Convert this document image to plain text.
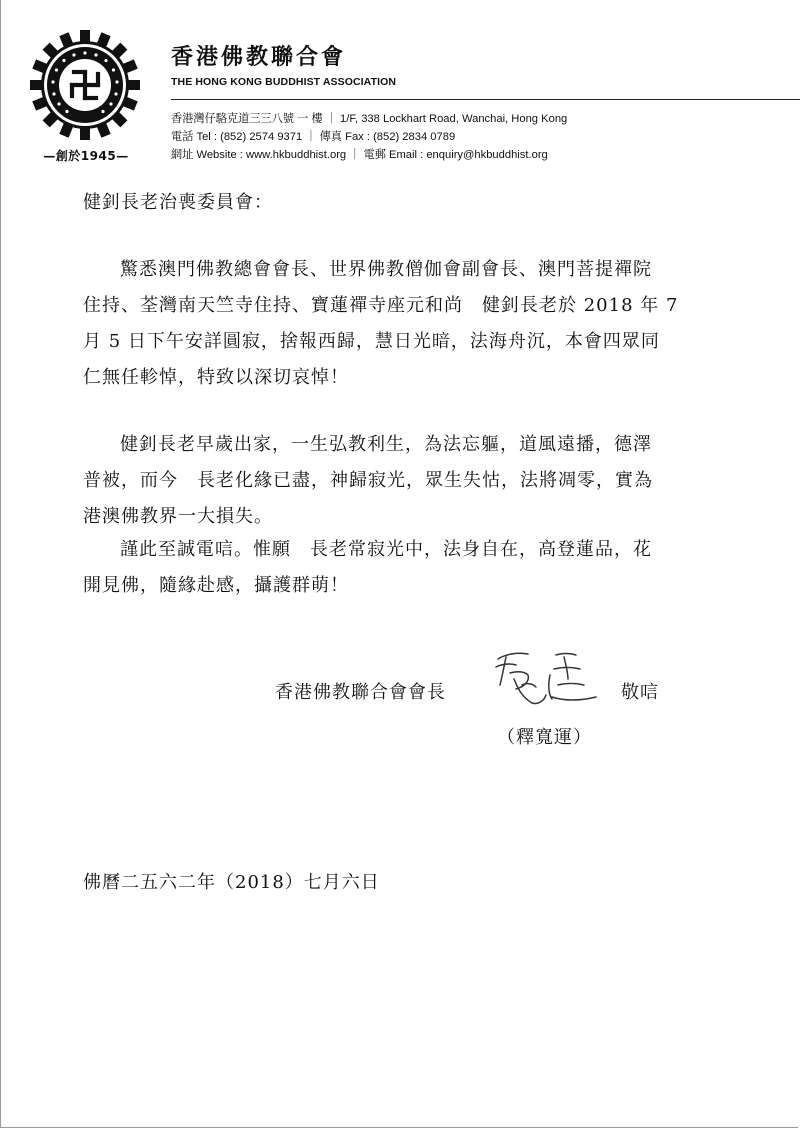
—創於1945—
香港佛教聯合會
THE HONG KONG BUDDHIST ASSOCIATION
香港灣仔駱克道三三八號 一 樓 ｜ 1/F, 338 Lockhart Road, Wanchai, Hong Kong
電話 Tel : (852) 2574 9371 ｜ 傳真 Fax : (852) 2834 0789
網址 Website : www.hkbuddhist.org ｜ 電郵 Email : enquiry@hkbuddhist.org
健釗長老治喪委員會：
驚悉澳門佛教總會會長、世界佛教僧伽會副會長、澳門菩提禪院
住持、荃灣南天竺寺住持、寶蓮禪寺座元和尚　健釗長老於 2018 年 7
月 5 日下午安詳圓寂，捨報西歸，慧日光暗，法海舟沉，本會四眾同
仁無任軫悼，特致以深切哀悼！
健釗長老早歲出家，一生弘教利生，為法忘軀，道風遠播，德澤
普被，而今　長老化緣已盡，神歸寂光，眾生失怙，法將凋零，實為
港澳佛教界一大損失。
謹此至誠電唁。惟願　長老常寂光中，法身自在，高登蓮品，花
開見佛，隨緣赴感，攝護群萌！
香港佛教聯合會會長	敬唁
（釋寬運）
佛曆二五六二年（2018）七月六日
